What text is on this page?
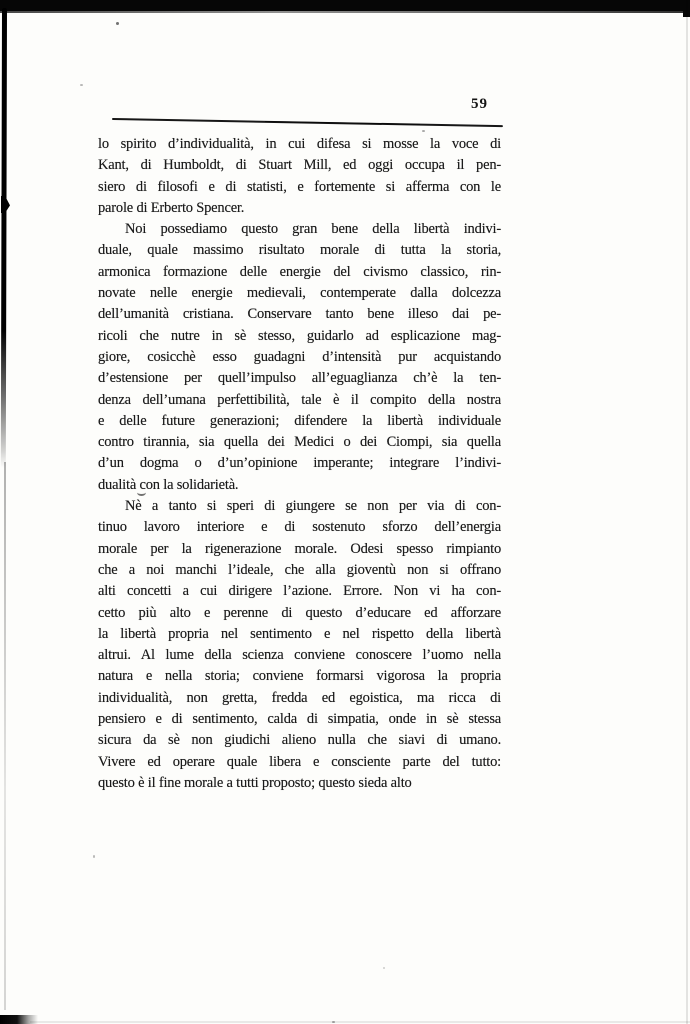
59
lo spirito d’individualità, in cui difesa si mosse la voce di
Kant, di Humboldt, di Stuart Mill, ed oggi occupa il pen-
siero di filosofi e di statisti, e fortemente si afferma con le
parole di Erberto Spencer.
Noi possediamo questo gran bene della libertà indivi-
duale, quale massimo risultato morale di tutta la storia,
armonica formazione delle energie del civismo classico, rin-
novate nelle energie medievali, contemperate dalla dolcezza
dell’umanità cristiana. Conservare tanto bene illeso dai pe-
ricoli che nutre in sè stesso, guidarlo ad esplicazione mag-
giore, cosicchè esso guadagni d’intensità pur acquistando
d’estensione per quell’impulso all’eguaglianza ch’è la ten-
denza dell’umana perfettibilità, tale è il compito della nostra
e delle future generazioni; difendere la libertà individuale
contro tirannia, sia quella dei Medici o dei Ciompi, sia quella
d’un dogma o d’un’opinione imperante; integrare l’indivi-
dualità con la solidarietà.
Nè a tanto si speri di giungere se non per via di con-
tinuo lavoro interiore e di sostenuto sforzo dell’energia
morale per la rigenerazione morale. Odesi spesso rimpianto
che a noi manchi l’ideale, che alla gioventù non si offrano
alti concetti a cui dirigere l’azione. Errore. Non vi ha con-
cetto più alto e perenne di questo d’educare ed afforzare
la libertà propria nel sentimento e nel rispetto della libertà
altrui. Al lume della scienza conviene conoscere l’uomo nella
natura e nella storia; conviene formarsi vigorosa la propria
individualità, non gretta, fredda ed egoistica, ma ricca di
pensiero e di sentimento, calda di simpatia, onde in sè stessa
sicura da sè non giudichi alieno nulla che siavi di umano.
Vivere ed operare quale libera e consciente parte del tutto:
questo è il fine morale a tutti proposto; questo sieda alto
